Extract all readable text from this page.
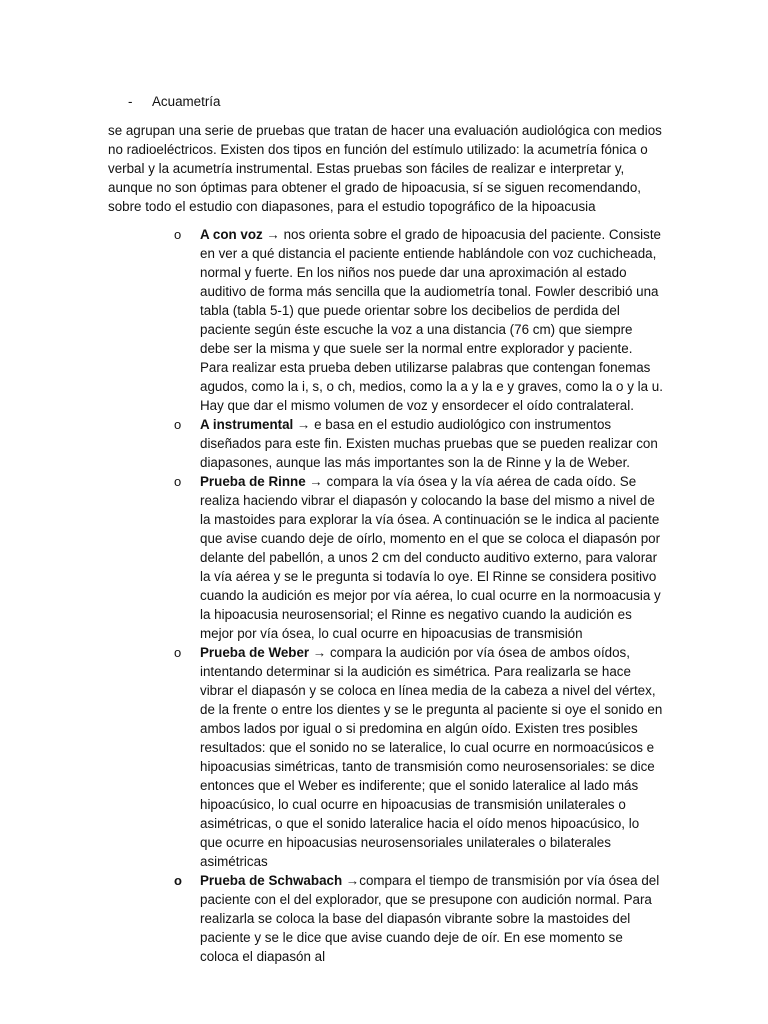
- Acuametría
se agrupan una serie de pruebas que tratan de hacer una evaluación audiológica con medios no radioeléctricos. Existen dos tipos en función del estímulo utilizado: la acumetría fónica o verbal y la acumetría instrumental. Estas pruebas son fáciles de realizar e interpretar y, aunque no son óptimas para obtener el grado de hipoacusia, sí se siguen recomendando, sobre todo el estudio con diapasones, para el estudio topográfico de la hipoacusia
o	A con voz → nos orienta sobre el grado de hipoacusia del paciente. Consiste en ver a qué distancia el paciente entiende hablándole con voz cuchicheada, normal y fuerte. En los niños nos puede dar una aproximación al estado auditivo de forma más sencilla que la audiometría tonal. Fowler describió una tabla (tabla 5-1) que puede orientar sobre los decibelios de perdida del paciente según éste escuche la voz a una distancia (76 cm) que siempre debe ser la misma y que suele ser la normal entre explorador y paciente. Para realizar esta prueba deben utilizarse palabras que contengan fonemas agudos, como la i, s, o ch, medios, como la a y la e y graves, como la o y la u. Hay que dar el mismo volumen de voz y ensordecer el oído contralateral.
o	A instrumental → e basa en el estudio audiológico con instrumentos diseñados para este fin. Existen muchas pruebas que se pueden realizar con diapasones, aunque las más importantes son la de Rinne y la de Weber.
o	Prueba de Rinne → compara la vía ósea y la vía aérea de cada oído. Se realiza haciendo vibrar el diapasón y colocando la base del mismo a nivel de la mastoides para explorar la vía ósea. A continuación se le indica al paciente que avise cuando deje de oírlo, momento en el que se coloca el diapasón por delante del pabellón, a unos 2 cm del conducto auditivo externo, para valorar la vía aérea y se le pregunta si todavía lo oye. El Rinne se considera positivo cuando la audición es mejor por vía aérea, lo cual ocurre en la normoacusia y la hipoacusia neurosensorial; el Rinne es negativo cuando la audición es mejor por vía ósea, lo cual ocurre en hipoacusias de transmisión
o	Prueba de Weber → compara la audición por vía ósea de ambos oídos, intentando determinar si la audición es simétrica. Para realizarla se hace vibrar el diapasón y se coloca en línea media de la cabeza a nivel del vértex, de la frente o entre los dientes y se le pregunta al paciente si oye el sonido en ambos lados por igual o si predomina en algún oído. Existen tres posibles resultados: que el sonido no se lateralice, lo cual ocurre en normoacúsicos e hipoacusias simétricas, tanto de transmisión como neurosensoriales: se dice entonces que el Weber es indiferente; que el sonido lateralice al lado más hipoacúsico, lo cual ocurre en hipoacusias de transmisión unilaterales o asimétricas, o que el sonido lateralice hacia el oído menos hipoacúsico, lo que ocurre en hipoacusias neurosensoriales unilaterales o bilaterales asimétricas
o	Prueba de Schwabach →compara el tiempo de transmisión por vía ósea del paciente con el del explorador, que se presupone con audición normal. Para realizarla se coloca la base del diapasón vibrante sobre la mastoides del paciente y se le dice que avise cuando deje de oír. En ese momento se coloca el diapasón al
